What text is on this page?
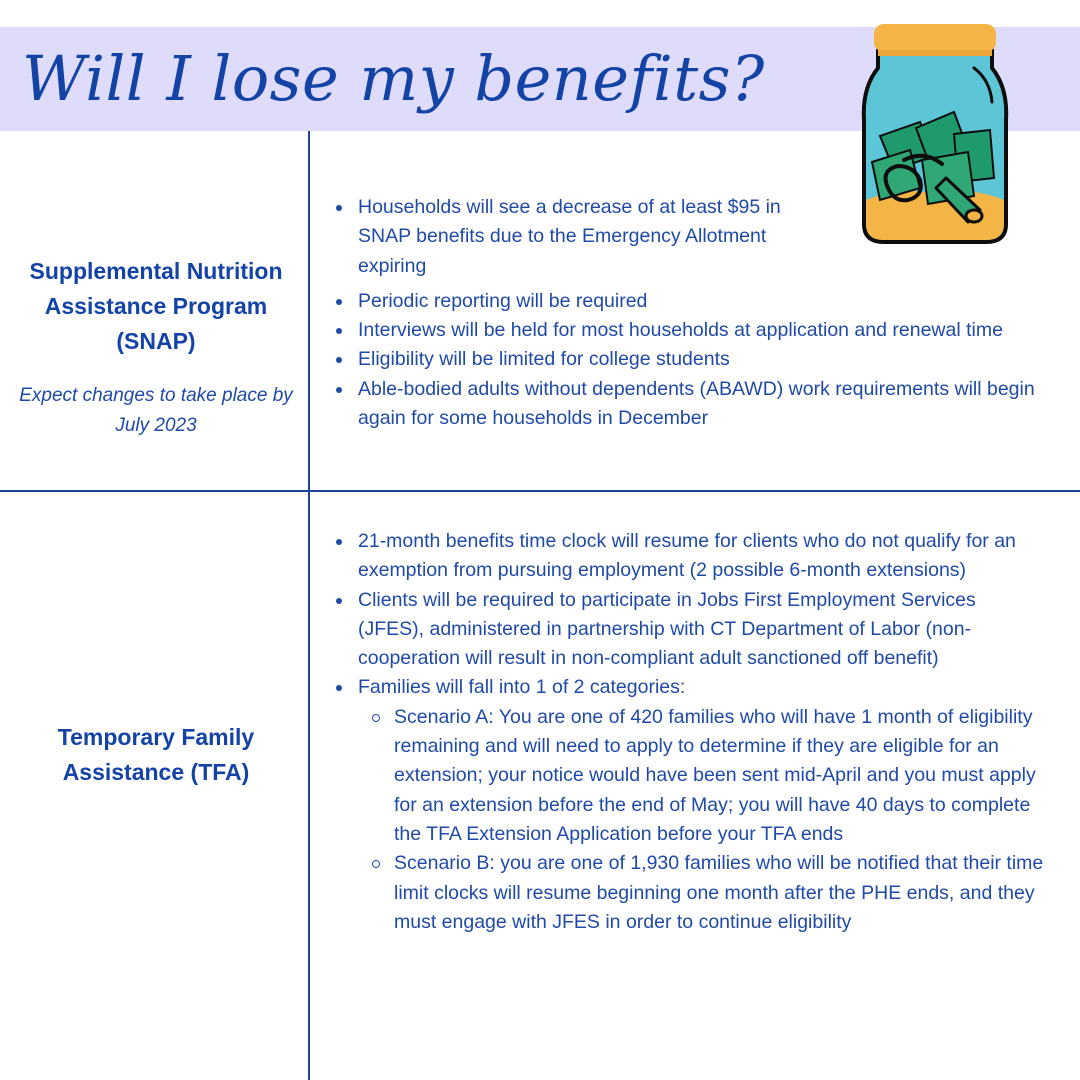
Will I lose my benefits?

Supplemental Nutrition Assistance Program (SNAP)

Expect changes to take place by July 2023

Households will see a decrease of at least $95 in SNAP benefits due to the Emergency Allotment expiring
Periodic reporting will be required
Interviews will be held for most households at application and renewal time
Eligibility will be limited for college students
Able-bodied adults without dependents (ABAWD) work requirements will begin again for some households in December

Temporary Family Assistance (TFA)

21-month benefits time clock will resume for clients who do not qualify for an exemption from pursuing employment (2 possible 6-month extensions)
Clients will be required to participate in Jobs First Employment Services (JFES), administered in partnership with CT Department of Labor (non-cooperation will result in non-compliant adult sanctioned off benefit)
Families will fall into 1 of 2 categories:
Scenario A: You are one of 420 families who will have 1 month of eligibility remaining and will need to apply to determine if they are eligible for an extension; your notice would have been sent mid-April and you must apply for an extension before the end of May; you will have 40 days to complete the TFA Extension Application before your TFA ends
Scenario B: you are one of 1,930 families who will be notified that their time limit clocks will resume beginning one month after the PHE ends, and they must engage with JFES in order to continue eligibility
